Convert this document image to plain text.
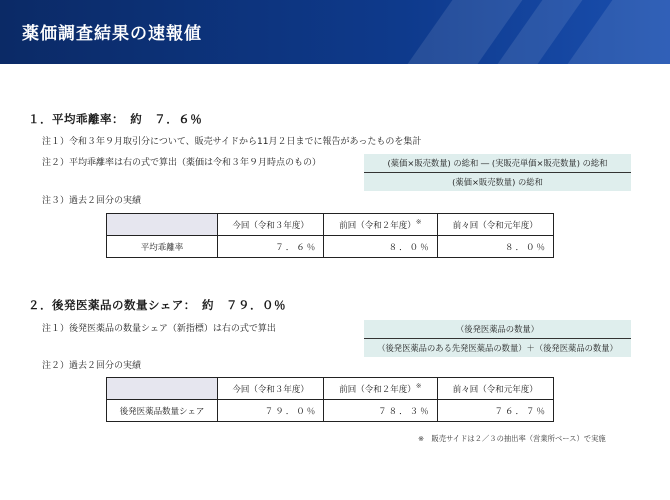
薬価調査結果の速報値
１．平均乖離率：　約　７．６％
注１）令和３年９月取引分について、販売サイドから11月２日までに報告があったものを集計
注２）平均乖離率は右の式で算出（薬価は令和３年９月時点のもの）	(薬価×販売数量) の総和 ― (実販売単価×販売数量) の総和
(薬価×販売数量) の総和
注３）過去２回分の実績
	今回（令和３年度）	前回（令和２年度）※	前々回（令和元年度）
平均乖離率	７．６％	８．０％	８．０％
２．後発医薬品の数量シェア：　約　７９．０％
注１）後発医薬品の数量シェア（新指標）は右の式で算出	（後発医薬品の数量）
（後発医薬品のある先発医薬品の数量）＋（後発医薬品の数量）
注２）過去２回分の実績
	今回（令和３年度）	前回（令和２年度）※	前々回（令和元年度）
後発医薬品数量シェア	７９．０％	７８．３％	７６．７％
※　販売サイドは２／３の抽出率（営業所ベース）で実施
